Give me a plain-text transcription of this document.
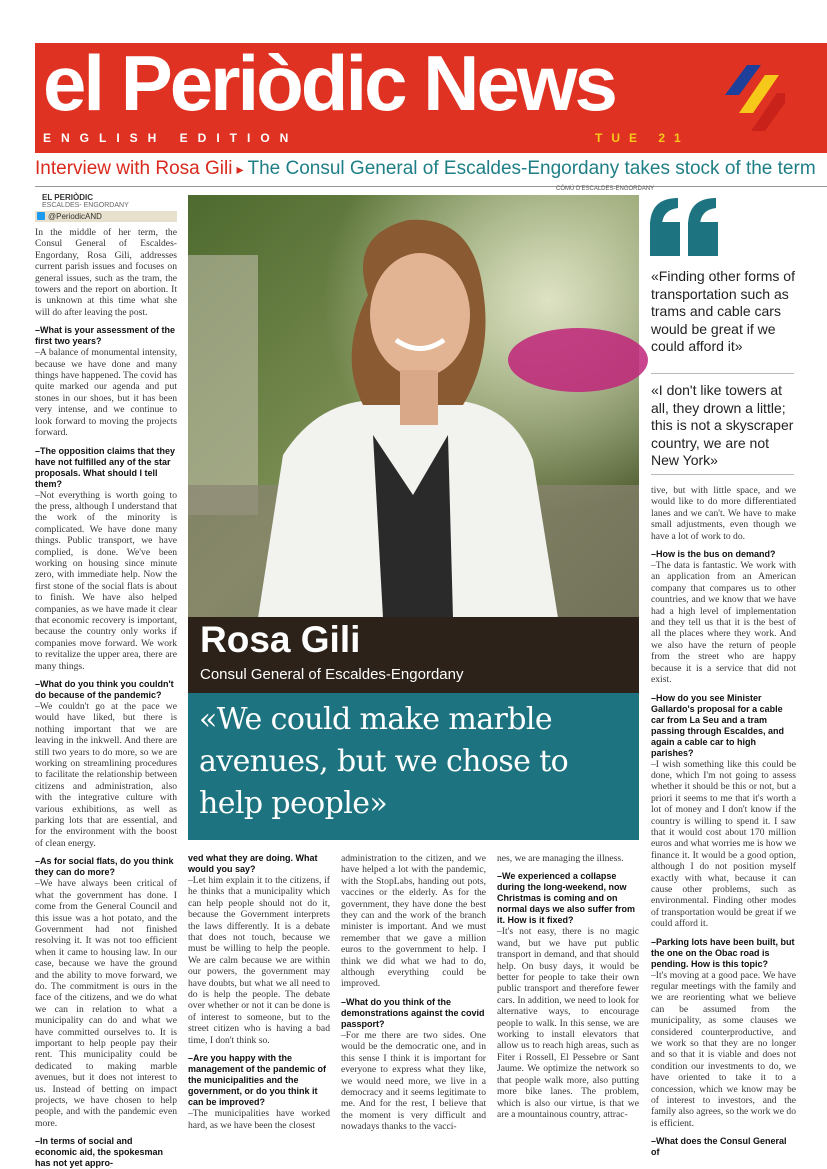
el Periòdic News
ENGLISH EDITION	TUE 21
Interview with Rosa Gili ▸ The Consul General of Escaldes-Engordany takes stock of the term
CÓMÚ D'ESCALDES-ENGORDANY
EL PERIÒDIC
ESCALDES- ENGORDANY
@PeriodicAND

In the middle of her term, the Consul General of Escaldes-Engordany, Rosa Gili, addresses current parish issues and focuses on general issues, such as the tram, the towers and the report on abortion. It is unknown at this time what she will do after leaving the post.

–What is your assessment of the first two years?

–A balance of monumental intensity, because we have done and many things have happened. The covid has quite marked our agenda and put stones in our shoes, but it has been very intense, and we continue to look forward to moving the projects forward.

–The opposition claims that they have not fulfilled any of the star proposals. What should I tell them?

–Not everything is worth going to the press, although I understand that the work of the minority is complicated. We have done many things. Public transport, we have complied, is done. We've been working on housing since minute zero, with immediate help. Now the first stone of the social flats is about to finish. We have also helped companies, as we have made it clear that economic recovery is important, because the country only works if companies move forward. We work to revitalize the upper area, there are many things.

–What do you think you couldn't do because of the pandemic?

–We couldn't go at the pace we would have liked, but there is nothing important that we are leaving in the inkwell. And there are still two years to do more, so we are working on streamlining procedures to facilitate the relationship between citizens and administration, also with the integrative culture with various exhibitions, as well as parking lots that are essential, and for the environment with the boost of clean energy.

–As for social flats, do you think they can do more?

–We have always been critical of what the government has done. I come from the General Council and this issue was a hot potato, and the Government had not finished resolving it. It was not too efficient when it came to housing law. In our case, because we have the ground and the ability to move forward, we do. The commitment is ours in the face of the citizens, and we do what we can in relation to what a municipality can do and what we have committed ourselves to. It is important to help people pay their rent. This municipality could be dedicated to making marble avenues, but it does not interest to us. Instead of betting on impact projects, we have chosen to help people, and with the pandemic even more.

–In terms of social and economic aid, the spokesman has not yet appro-
Rosa Gili
Consul General of Escaldes-Engordany
«We could make marble avenues, but we chose to help people»
«Finding other forms of transportation such as trams and cable cars would be great if we could afford it»
«I don't like towers at all, they drown a little; this is not a skyscraper country, we are not New York»
ved what they are doing. What would you say?

–Let him explain it to the citizens, if he thinks that a municipality which can help people should not do it, because the Government interprets the laws differently. It is a debate that does not touch, because we must be willing to help the people. We are calm because we are within our powers, the government may have doubts, but what we all need to do is help the people. The debate over whether or not it can be done is of interest to someone, but to the street citizen who is having a bad time, I don't think so.

–Are you happy with the management of the pandemic of the municipalities and the government, or do you think it can be improved?

–The municipalities have worked hard, as we have been the closest

administration to the citizen, and we have helped a lot with the pandemic, with the StopLabs, handing out pots, vaccines or the elderly. As for the government, they have done the best they can and the work of the branch minister is important. And we must remember that we gave a million euros to the government to help. I think we did what we had to do, although everything could be improved.

–What do you think of the demonstrations against the covid passport?

–For me there are two sides. One would be the democratic one, and in this sense I think it is important for everyone to express what they like, we would need more, we live in a democracy and it seems legitimate to me. And for the rest, I believe that the moment is very difficult and nowadays thanks to the vacci-

nes, we are managing the illness.

–We experienced a collapse during the long-weekend, now Christmas is coming and on normal days we also suffer from it. How is it fixed?

–It's not easy, there is no magic wand, but we have put public transport in demand, and that should help. On busy days, it would be better for people to take their own public transport and therefore fewer cars. In addition, we need to look for alternative ways, to encourage people to walk. In this sense, we are working to install elevators that allow us to reach high areas, such as Fiter i Rossell, El Pessebre or Sant Jaume. We optimize the network so that people walk more, also putting more bike lanes. The problem, which is also our virtue, is that we are a mountainous country, attrac-

tive, but with little space, and we would like to do more differentiated lanes and we can't. We have to make small adjustments, even though we have a lot of work to do.

–How is the bus on demand?

–The data is fantastic. We work with an application from an American company that compares us to other countries, and we know that we have had a high level of implementation and they tell us that it is the best of all the places where they work. And we also have the return of people from the street who are happy because it is a service that did not exist.

–How do you see Minister Gallardo's proposal for a cable car from La Seu and a tram passing through Escaldes, and again a cable car to high parishes?

–I wish something like this could be done, which I'm not going to assess whether it should be this or not, but a priori it seems to me that it's worth a lot of money and I don't know if the country is willing to spend it. I saw that it would cost about 170 million euros and what worries me is how we finance it. It would be a good option, although I do not position myself exactly with what, because it can cause other problems, such as environmental. Finding other modes of transportation would be great if we could afford it.

–Parking lots have been built, but the one on the Obac road is pending. How is this topic?

–It's moving at a good pace. We have regular meetings with the family and we are reorienting what we believe can be assumed from the municipality, as some clauses we considered counterproductive, and we work so that they are no longer and so that it is viable and does not condition our investments to do, we have oriented to take it to a concession, which we know may be of interest to investors, and the family also agrees, so the work we do is efficient.

–What does the Consul General of
